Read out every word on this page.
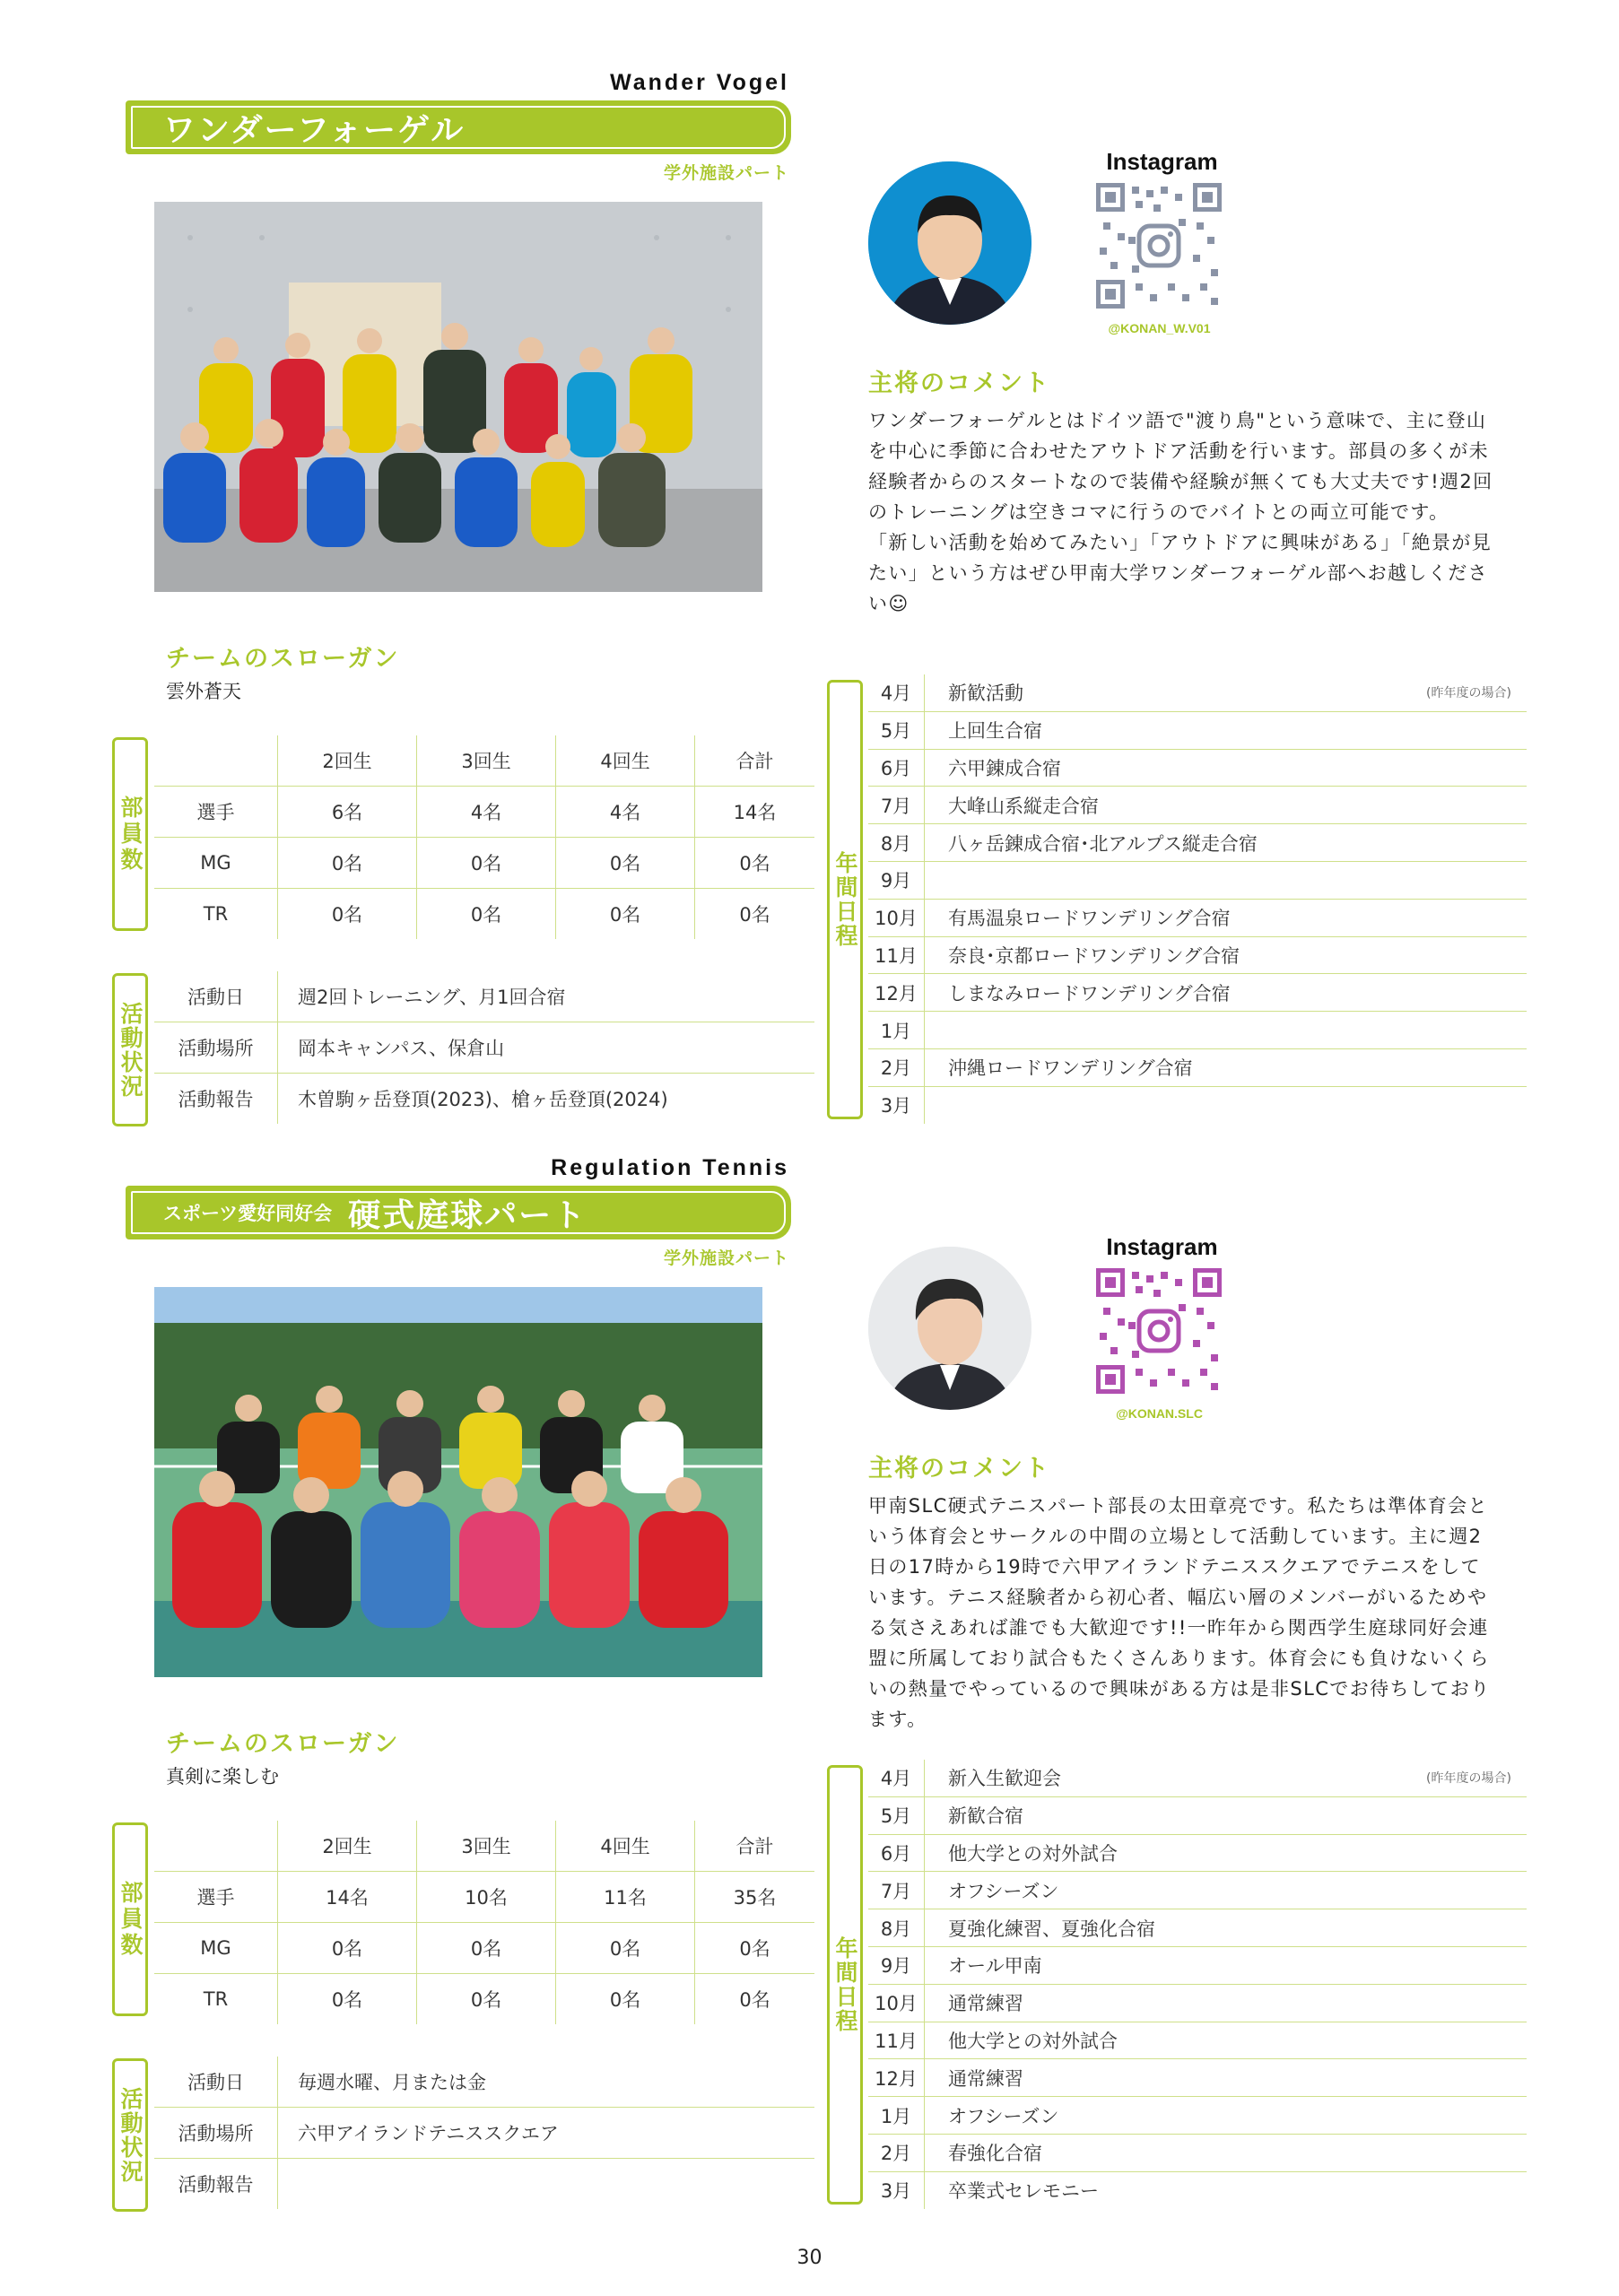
Wander Vogel
ワンダーフォーゲル
学外施設パート	Instagram
@KONAN_W.V01
主将のコメント

ワンダーフォーゲルとはドイツ語で"渡り鳥"という意味で、主に登山を中心に季節に合わせたアウトドア活動を行います。部員の多くが未経験者からのスタートなので装備や経験が無くても大丈夫です!週2回のトレーニングは空きコマに行うのでバイトとの両立可能です。

「新しい活動を始めてみたい」「アウトドアに興味がある」「絶景が見たい」という方はぜひ甲南大学ワンダーフォーゲル部へお越しください☺

チームのスローガン
雲外蒼天
部員数
	2回生	3回生	4回生	合計
選手	6名	4名	4名	14名
MG	0名	0名	0名	0名
TR	0名	0名	0名	0名
活動状況
活動日	週2回トレーニング、月1回合宿
活動場所	岡本キャンパス、保倉山
活動報告	木曽駒ヶ岳登頂(2023)、槍ヶ岳登頂(2024)
年間日程
(昨年度の場合)
4月	新歓活動
5月	上回生合宿
6月	六甲錬成合宿
7月	大峰山系縦走合宿
8月	八ヶ岳錬成合宿･北アルプス縦走合宿
9月
10月	有馬温泉ロードワンデリング合宿
11月	奈良･京都ロードワンデリング合宿
12月	しまなみロードワンデリング合宿
1月
2月	沖縄ロードワンデリング合宿
3月
Regulation Tennis
スポーツ愛好同好会 硬式庭球パート
学外施設パート	Instagram
@KONAN.SLC
主将のコメント

甲南SLC硬式テニスパート部長の太田章亮です。私たちは準体育会という体育会とサークルの中間の立場として活動しています。主に週2日の17時から19時で六甲アイランドテニススクエアでテニスをしています。テニス経験者から初心者、幅広い層のメンバーがいるためやる気さえあれば誰でも大歓迎です!!一昨年から関西学生庭球同好会連盟に所属しており試合もたくさんあります。体育会にも負けないくらいの熱量でやっているので興味がある方は是非SLCでお待ちしております。

チームのスローガン
真剣に楽しむ
部員数
	2回生	3回生	4回生	合計
選手	14名	10名	11名	35名
MG	0名	0名	0名	0名
TR	0名	0名	0名	0名
活動状況
活動日	毎週水曜、月または金
活動場所	六甲アイランドテニススクエア
活動報告	
年間日程
(昨年度の場合)
4月	新入生歓迎会
5月	新歓合宿
6月	他大学との対外試合
7月	オフシーズン
8月	夏強化練習、夏強化合宿
9月	オール甲南
10月	通常練習
11月	他大学との対外試合
12月	通常練習
1月	オフシーズン
2月	春強化合宿
3月	卒業式セレモニー
30
